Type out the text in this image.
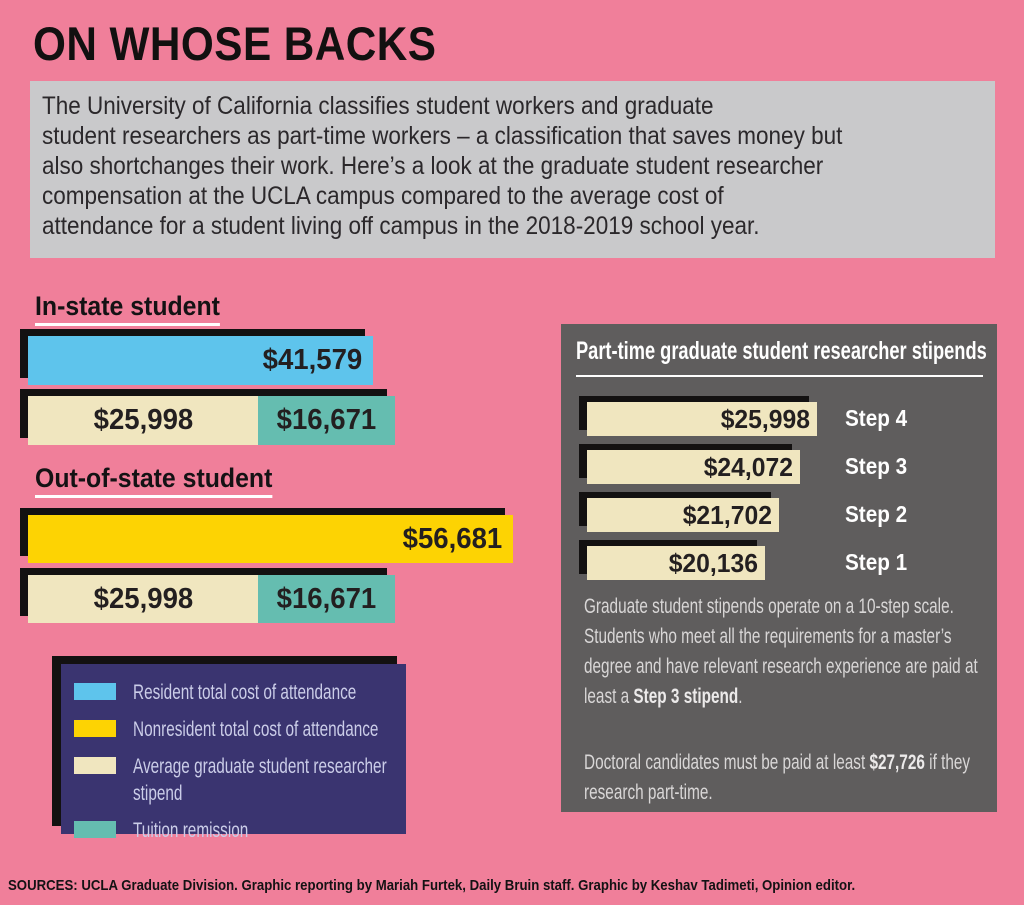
ON WHOSE BACKS
The University of California classifies student workers and graduate
student researchers as part-time workers – a classification that saves money but
also shortchanges their work. Here’s a look at the graduate student researcher
compensation at the UCLA campus compared to the average cost of
attendance for a student living off campus in the 2018-2019 school year.
In-state student
$41,579
$25,998	$16,671
Out-of-state student
$56,681
$25,998	$16,671
Resident total cost of attendance
Nonresident total cost of attendance
Average graduate student researcher
stipend
Tuition remission
Part-time graduate student researcher stipends
$25,998 Step 4
$24,072 Step 3
$21,702	Step 2
$20,136	Step 1
Graduate student stipends operate on a 10-step scale. Students who meet all the requirements for a master’s degree and have relevant research experience are paid at least a Step 3 stipend.
Doctoral candidates must be paid at least $27,726 if they research part-time.
SOURCES: UCLA Graduate Division. Graphic reporting by Mariah Furtek, Daily Bruin staff. Graphic by Keshav Tadimeti, Opinion editor.
